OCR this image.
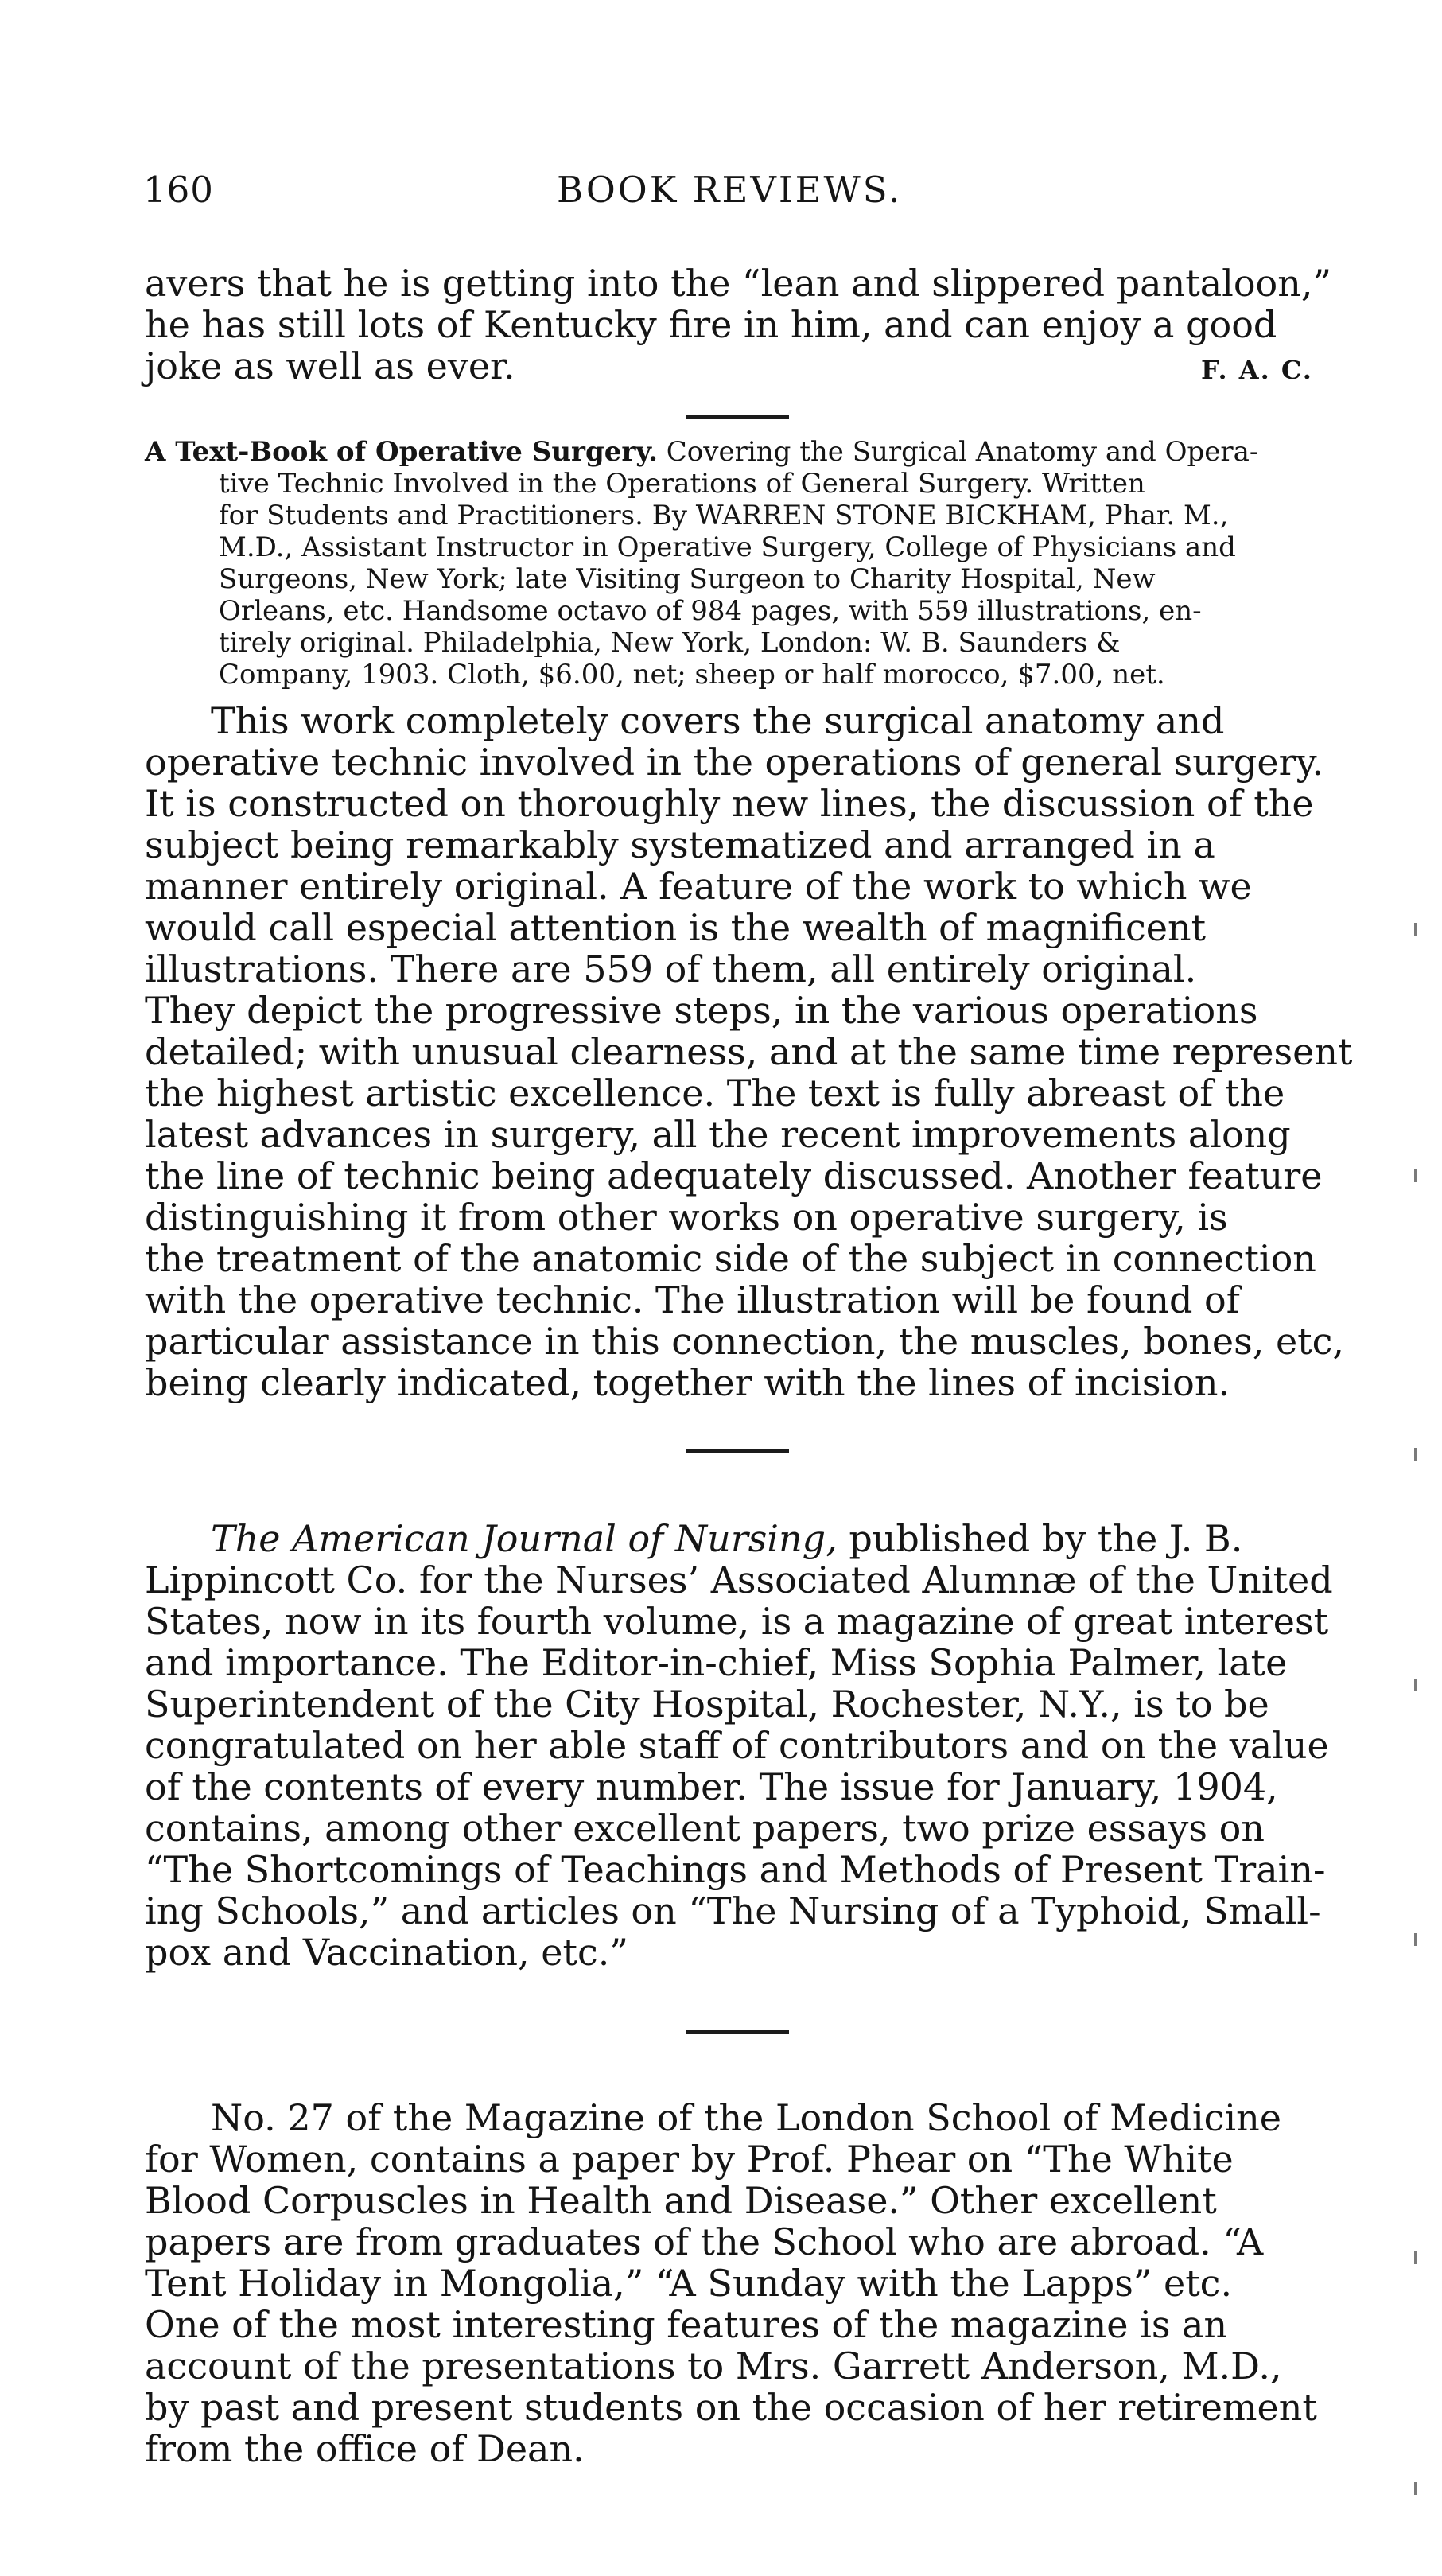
160	BOOK REVIEWS.
avers that he is getting into the “lean and slippered pantaloon,”
he has still lots of Kentucky fire in him, and can enjoy a good
joke as well as ever.	F. A. C.
A Text-Book of Operative Surgery. Covering the Surgical Anatomy and Opera-
tive Technic Involved in the Operations of General Surgery. Written
for Students and Practitioners. By WARREN STONE BICKHAM, Phar. M.,
M.D., Assistant Instructor in Operative Surgery, College of Physicians and
Surgeons, New York; late Visiting Surgeon to Charity Hospital, New
Orleans, etc. Handsome octavo of 984 pages, with 559 illustrations, en-
tirely original. Philadelphia, New York, London: W. B. Saunders &
Company, 1903. Cloth, $6.00, net; sheep or half morocco, $7.00, net.
This work completely covers the surgical anatomy and
operative technic involved in the operations of general surgery.
It is constructed on thoroughly new lines, the discussion of the
subject being remarkably systematized and arranged in a
manner entirely original. A feature of the work to which we
would call especial attention is the wealth of magnificent
illustrations. There are 559 of them, all entirely original.
They depict the progressive steps, in the various operations
detailed; with unusual clearness, and at the same time represent
the highest artistic excellence. The text is fully abreast of the
latest advances in surgery, all the recent improvements along
the line of technic being adequately discussed. Another feature
distinguishing it from other works on operative surgery, is
the treatment of the anatomic side of the subject in connection
with the operative technic. The illustration will be found of
particular assistance in this connection, the muscles, bones, etc,
being clearly indicated, together with the lines of incision.
The American Journal of Nursing, published by the J. B.
Lippincott Co. for the Nurses’ Associated Alumnæ of the United
States, now in its fourth volume, is a magazine of great interest
and importance. The Editor-in-chief, Miss Sophia Palmer, late
Superintendent of the City Hospital, Rochester, N.Y., is to be
congratulated on her able staff of contributors and on the value
of the contents of every number. The issue for January, 1904,
contains, among other excellent papers, two prize essays on
“The Shortcomings of Teachings and Methods of Present Train-
ing Schools,” and articles on “The Nursing of a Typhoid, Small-
pox and Vaccination, etc.”
No. 27 of the Magazine of the London School of Medicine
for Women, contains a paper by Prof. Phear on “The White
Blood Corpuscles in Health and Disease.” Other excellent
papers are from graduates of the School who are abroad. “A
Tent Holiday in Mongolia,” “A Sunday with the Lapps” etc.
One of the most interesting features of the magazine is an
account of the presentations to Mrs. Garrett Anderson, M.D.,
by past and present students on the occasion of her retirement
from the office of Dean.
